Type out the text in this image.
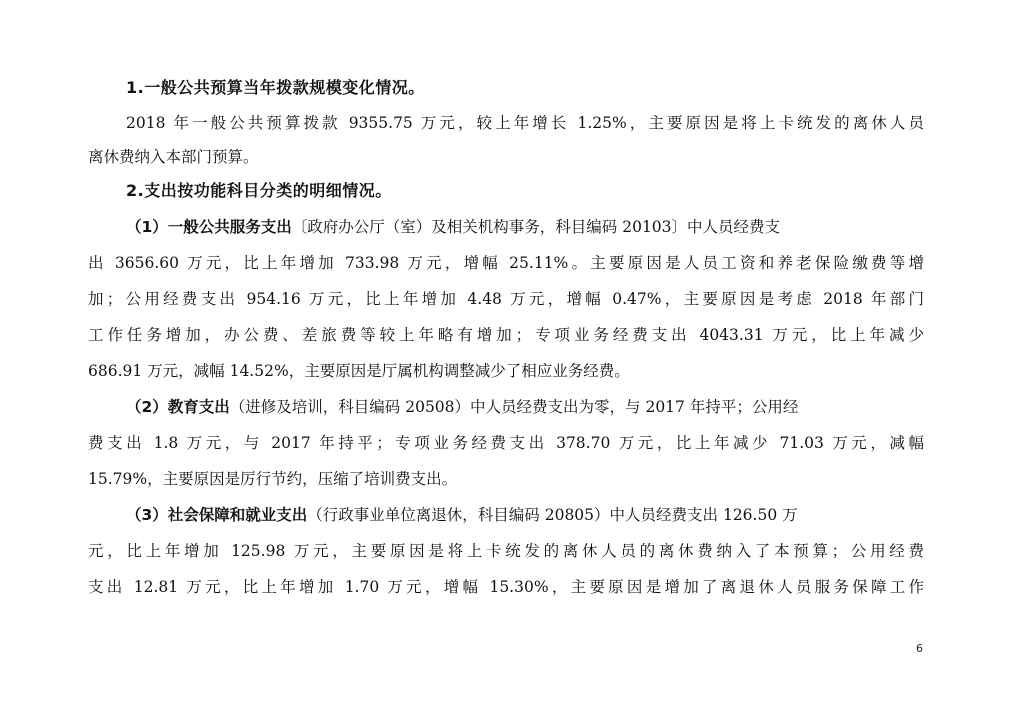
1.一般公共预算当年拨款规模变化情况。
2018 年一般公共预算拨款 9355.75 万元，较上年增长 1.25%，主要原因是将上卡统发的离休人员
离休费纳入本部门预算。
2.支出按功能科目分类的明细情况。
（1）一般公共服务支出〔政府办公厅（室）及相关机构事务，科目编码 20103〕中人员经费支
出 3656.60 万元，比上年增加 733.98 万元，增幅 25.11%。主要原因是人员工资和养老保险缴费等增
加；公用经费支出 954.16 万元，比上年增加 4.48 万元，增幅 0.47%，主要原因是考虑 2018 年部门
工作任务增加，办公费、差旅费等较上年略有增加；专项业务经费支出 4043.31 万元，比上年减少
686.91 万元，减幅 14.52%，主要原因是厅属机构调整减少了相应业务经费。
（2）教育支出（进修及培训，科目编码 20508）中人员经费支出为零，与 2017 年持平；公用经
费支出 1.8 万元，与 2017 年持平；专项业务经费支出 378.70 万元，比上年减少 71.03 万元，减幅
15.79%，主要原因是厉行节约，压缩了培训费支出。
（3）社会保障和就业支出（行政事业单位离退休，科目编码 20805）中人员经费支出 126.50 万
元，比上年增加 125.98 万元，主要原因是将上卡统发的离休人员的离休费纳入了本预算；公用经费
支出 12.81 万元，比上年增加 1.70 万元，增幅 15.30%，主要原因是增加了离退休人员服务保障工作
6
